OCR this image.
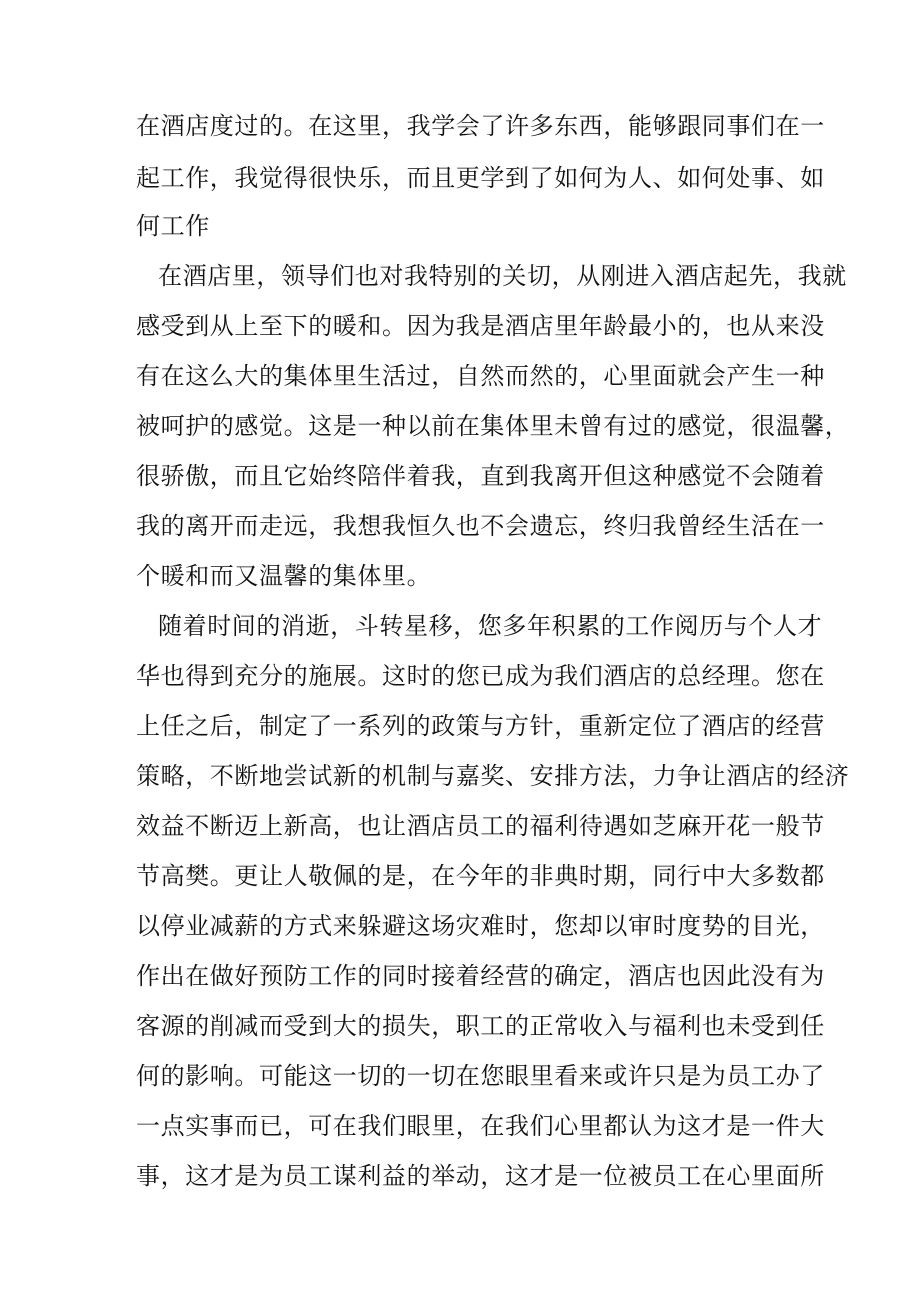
在酒店度过的。在这里，我学会了许多东西，能够跟同事们在一
起工作，我觉得很快乐，而且更学到了如何为人、如何处事、如
何工作
在酒店里，领导们也对我特别的关切，从刚进入酒店起先，我就
感受到从上至下的暖和。因为我是酒店里年龄最小的，也从来没
有在这么大的集体里生活过，自然而然的，心里面就会产生一种
被呵护的感觉。这是一种以前在集体里未曾有过的感觉，很温馨，
很骄傲，而且它始终陪伴着我，直到我离开但这种感觉不会随着
我的离开而走远，我想我恒久也不会遗忘，终归我曾经生活在一
个暖和而又温馨的集体里。
随着时间的消逝，斗转星移，您多年积累的工作阅历与个人才
华也得到充分的施展。这时的您已成为我们酒店的总经理。您在
上任之后，制定了一系列的政策与方针，重新定位了酒店的经营
策略，不断地尝试新的机制与嘉奖、安排方法，力争让酒店的经济
效益不断迈上新高，也让酒店员工的福利待遇如芝麻开花一般节
节高樊。更让人敬佩的是，在今年的非典时期，同行中大多数都
以停业减薪的方式来躲避这场灾难时，您却以审时度势的目光，
作出在做好预防工作的同时接着经营的确定，酒店也因此没有为
客源的削减而受到大的损失，职工的正常收入与福利也未受到任
何的影响。可能这一切的一切在您眼里看来或许只是为员工办了
一点实事而已，可在我们眼里，在我们心里都认为这才是一件大
事，这才是为员工谋利益的举动，这才是一位被员工在心里面所
